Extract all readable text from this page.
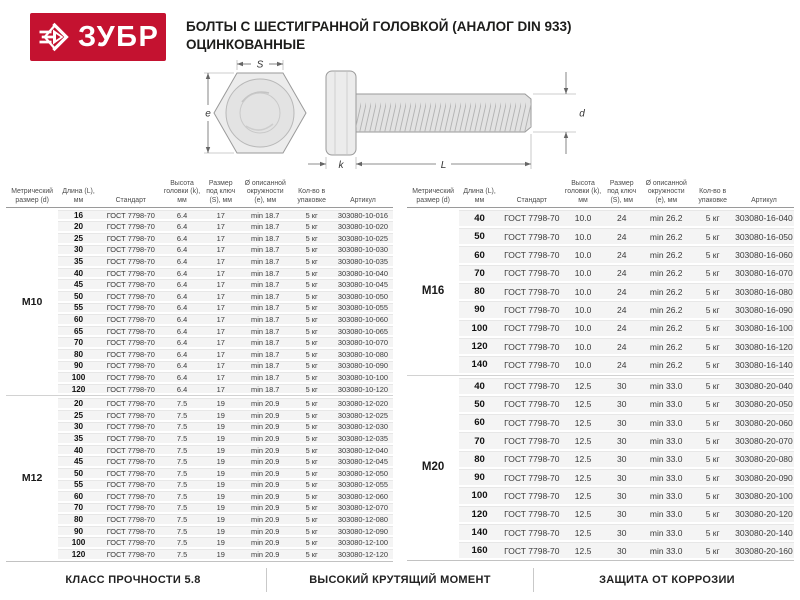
ЗУБР БОЛТЫ С ШЕСТИГРАННОЙ ГОЛОВКОЙ (АНАЛОГ DIN 933)
ОЦИНКОВАННЫЕ
S
e	d
k	L
Метрический размер (d)
Длина (L), мм	Стандарт
Высота головки (k), мм
Размер под ключ (S), мм
Ø описанной окружности (e), мм
Кол-во в упаковке	Артикул
М10
16	ГОСТ 7798-70	6.4	17	min 18.7	5 кг	303080-10-016
20	ГОСТ 7798-70	6.4	17	min 18.7	5 кг	303080-10-020
25	ГОСТ 7798-70	6.4	17	min 18.7	5 кг	303080-10-025
30	ГОСТ 7798-70	6.4	17	min 18.7	5 кг	303080-10-030
35	ГОСТ 7798-70	6.4	17	min 18.7	5 кг	303080-10-035
40	ГОСТ 7798-70	6.4	17	min 18.7	5 кг	303080-10-040
45	ГОСТ 7798-70	6.4	17	min 18.7	5 кг	303080-10-045
50	ГОСТ 7798-70	6.4	17	min 18.7	5 кг	303080-10-050
55	ГОСТ 7798-70	6.4	17	min 18.7	5 кг	303080-10-055
60	ГОСТ 7798-70	6.4	17	min 18.7	5 кг	303080-10-060
65	ГОСТ 7798-70	6.4	17	min 18.7	5 кг	303080-10-065
70	ГОСТ 7798-70	6.4	17	min 18.7	5 кг	303080-10-070
80	ГОСТ 7798-70	6.4	17	min 18.7	5 кг	303080-10-080
90	ГОСТ 7798-70	6.4	17	min 18.7	5 кг	303080-10-090
100	ГОСТ 7798-70	6.4	17	min 18.7	5 кг	303080-10-100
120	ГОСТ 7798-70	6.4	17	min 18.7	5 кг	303080-10-120
М12
20	ГОСТ 7798-70	7.5	19	min 20.9	5 кг	303080-12-020
25	ГОСТ 7798-70	7.5	19	min 20.9	5 кг	303080-12-025
30	ГОСТ 7798-70	7.5	19	min 20.9	5 кг	303080-12-030
35	ГОСТ 7798-70	7.5	19	min 20.9	5 кг	303080-12-035
40	ГОСТ 7798-70	7.5	19	min 20.9	5 кг	303080-12-040
45	ГОСТ 7798-70	7.5	19	min 20.9	5 кг	303080-12-045
50	ГОСТ 7798-70	7.5	19	min 20.9	5 кг	303080-12-050
55	ГОСТ 7798-70	7.5	19	min 20.9	5 кг	303080-12-055
60	ГОСТ 7798-70	7.5	19	min 20.9	5 кг	303080-12-060
70	ГОСТ 7798-70	7.5	19	min 20.9	5 кг	303080-12-070
80	ГОСТ 7798-70	7.5	19	min 20.9	5 кг	303080-12-080
90	ГОСТ 7798-70	7.5	19	min 20.9	5 кг	303080-12-090
100	ГОСТ 7798-70	7.5	19	min 20.9	5 кг	303080-12-100
120	ГОСТ 7798-70	7.5	19	min 20.9	5 кг	303080-12-120
Метрический размер (d)
Длина (L), мм	Стандарт
Высота головки (k), мм
Размер под ключ (S), мм
Ø описанной окружности (e), мм
Кол-во в упаковке	Артикул
М16
40	ГОСТ 7798-70	10.0	24	min 26.2	5 кг	303080-16-040
50	ГОСТ 7798-70	10.0	24	min 26.2	5 кг	303080-16-050
60	ГОСТ 7798-70	10.0	24	min 26.2	5 кг	303080-16-060
70	ГОСТ 7798-70	10.0	24	min 26.2	5 кг	303080-16-070
80	ГОСТ 7798-70	10.0	24	min 26.2	5 кг	303080-16-080
90	ГОСТ 7798-70	10.0	24	min 26.2	5 кг	303080-16-090
100	ГОСТ 7798-70	10.0	24	min 26.2	5 кг	303080-16-100
120	ГОСТ 7798-70	10.0	24	min 26.2	5 кг	303080-16-120
140	ГОСТ 7798-70	10.0	24	min 26.2	5 кг	303080-16-140
М20
40	ГОСТ 7798-70	12.5	30	min 33.0	5 кг	303080-20-040
50	ГОСТ 7798-70	12.5	30	min 33.0	5 кг	303080-20-050
60	ГОСТ 7798-70	12.5	30	min 33.0	5 кг	303080-20-060
70	ГОСТ 7798-70	12.5	30	min 33.0	5 кг	303080-20-070
80	ГОСТ 7798-70	12.5	30	min 33.0	5 кг	303080-20-080
90	ГОСТ 7798-70	12.5	30	min 33.0	5 кг	303080-20-090
100	ГОСТ 7798-70	12.5	30	min 33.0	5 кг	303080-20-100
120	ГОСТ 7798-70	12.5	30	min 33.0	5 кг	303080-20-120
140	ГОСТ 7798-70	12.5	30	min 33.0	5 кг	303080-20-140
160	ГОСТ 7798-70	12.5	30	min 33.0	5 кг	303080-20-160
КЛАСС ПРОЧНОСТИ 5.8	ВЫСОКИЙ КРУТЯЩИЙ МОМЕНТ	ЗАЩИТА ОТ КОРРОЗИИ
